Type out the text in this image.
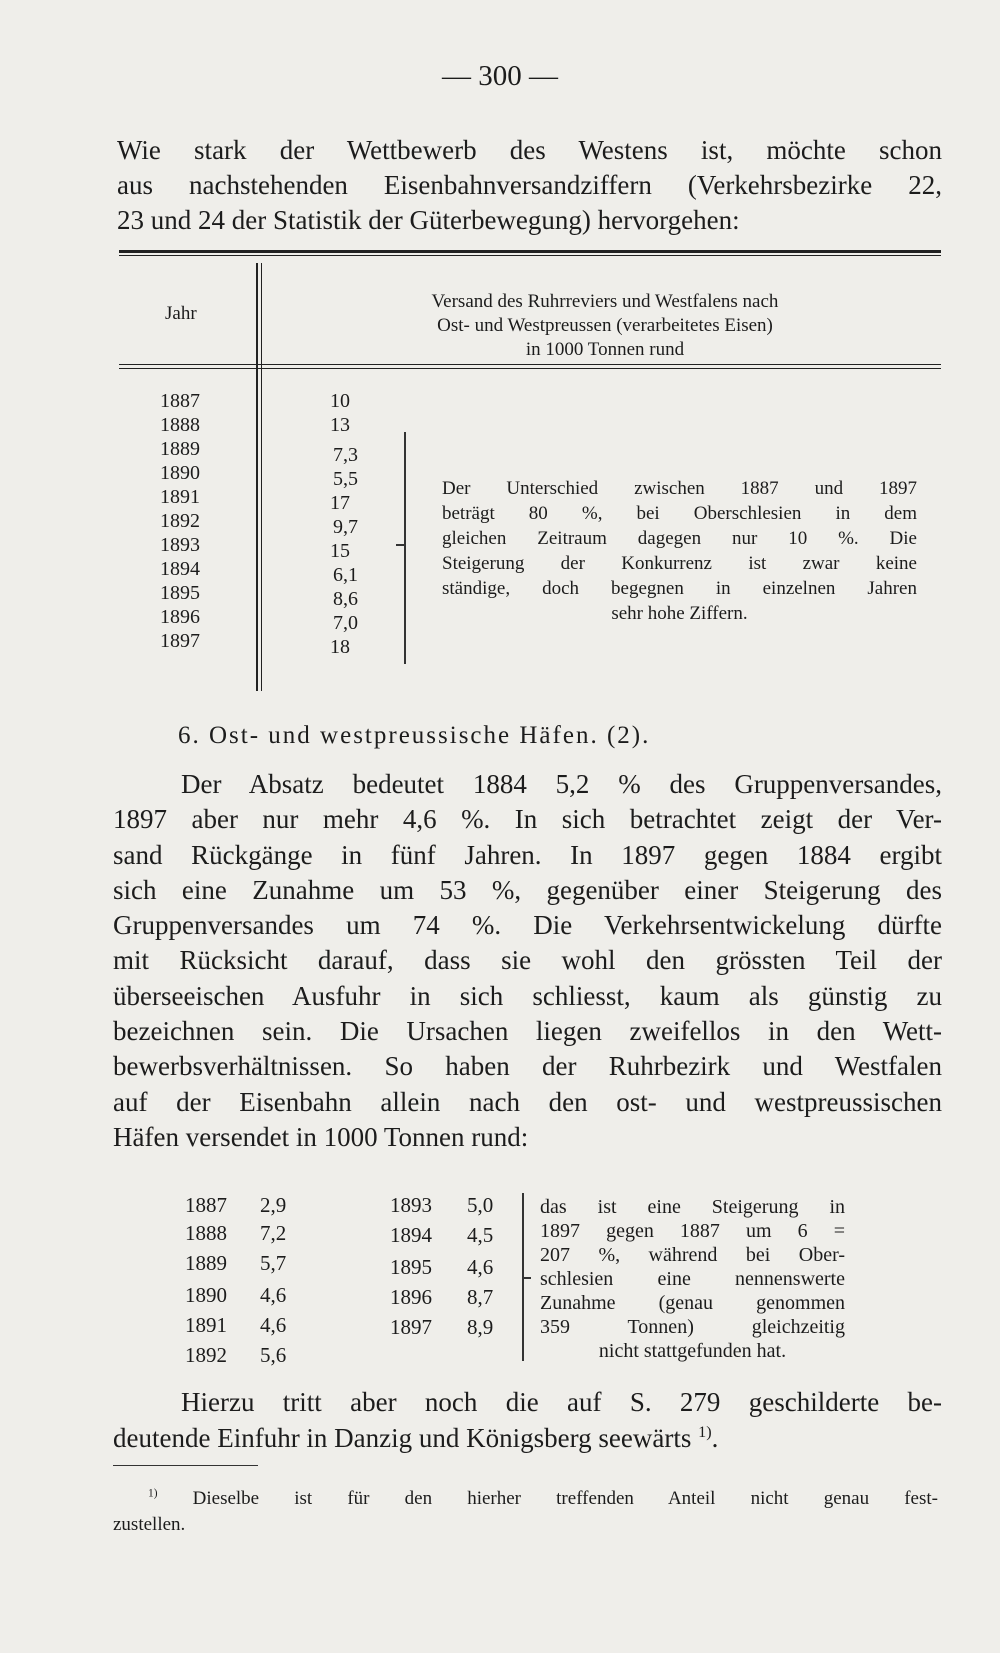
— 300 —
Wie stark der Wettbewerb des Westens ist, möchte schon
aus nachstehenden Eisenbahnversandziffern (Verkehrsbezirke 22,
23 und 24 der Statistik der Güterbewegung) hervorgehen:
Jahr
Versand des Ruhrreviers und Westfalens nach
Ost- und Westpreussen (verarbeitetes Eisen)
in 1000 Tonnen rund
1887	10
1888	13
1889	7,3
1890	5,5
1891	17
1892	9,7
1893	15
1894	6,1
1895	8,6
1896	7,0
1897	18
Der Unterschied zwischen 1887 und 1897
beträgt 80 %, bei Oberschlesien in dem
gleichen Zeitraum dagegen nur 10 %. Die
Steigerung der Konkurrenz ist zwar keine
ständige, doch begegnen in einzelnen Jahren
sehr hohe Ziffern.
6. Ost- und westpreussische Häfen. (2).
Der Absatz bedeutet 1884 5,2 % des Gruppenversandes,
1897 aber nur mehr 4,6 %. In sich betrachtet zeigt der Ver-
sand Rückgänge in fünf Jahren. In 1897 gegen 1884 ergibt
sich eine Zunahme um 53 %, gegenüber einer Steigerung des
Gruppenversandes um 74 %. Die Verkehrsentwickelung dürfte
mit Rücksicht darauf, dass sie wohl den grössten Teil der
überseeischen Ausfuhr in sich schliesst, kaum als günstig zu
bezeichnen sein. Die Ursachen liegen zweifellos in den Wett-
bewerbsverhältnissen. So haben der Ruhrbezirk und Westfalen
auf der Eisenbahn allein nach den ost- und westpreussischen
Häfen versendet in 1000 Tonnen rund:
1887 2,9
1888 7,2
1889 5,7
1890 4,6
1891 4,6
1892 5,6
1893 5,0
1894 4,5
1895 4,6
1896 8,7
1897 8,9
das ist eine Steigerung in
1897 gegen 1887 um 6 =
207 %, während bei Ober-
schlesien eine nennenswerte
Zunahme (genau genommen
359 Tonnen) gleichzeitig
nicht stattgefunden hat.
Hierzu tritt aber noch die auf S. 279 geschilderte be-
deutende Einfuhr in Danzig und Königsberg seewärts $^{1)}$.
$^{1)}$ Dieselbe ist für den hierher treffenden Anteil nicht genau fest-
zustellen.
